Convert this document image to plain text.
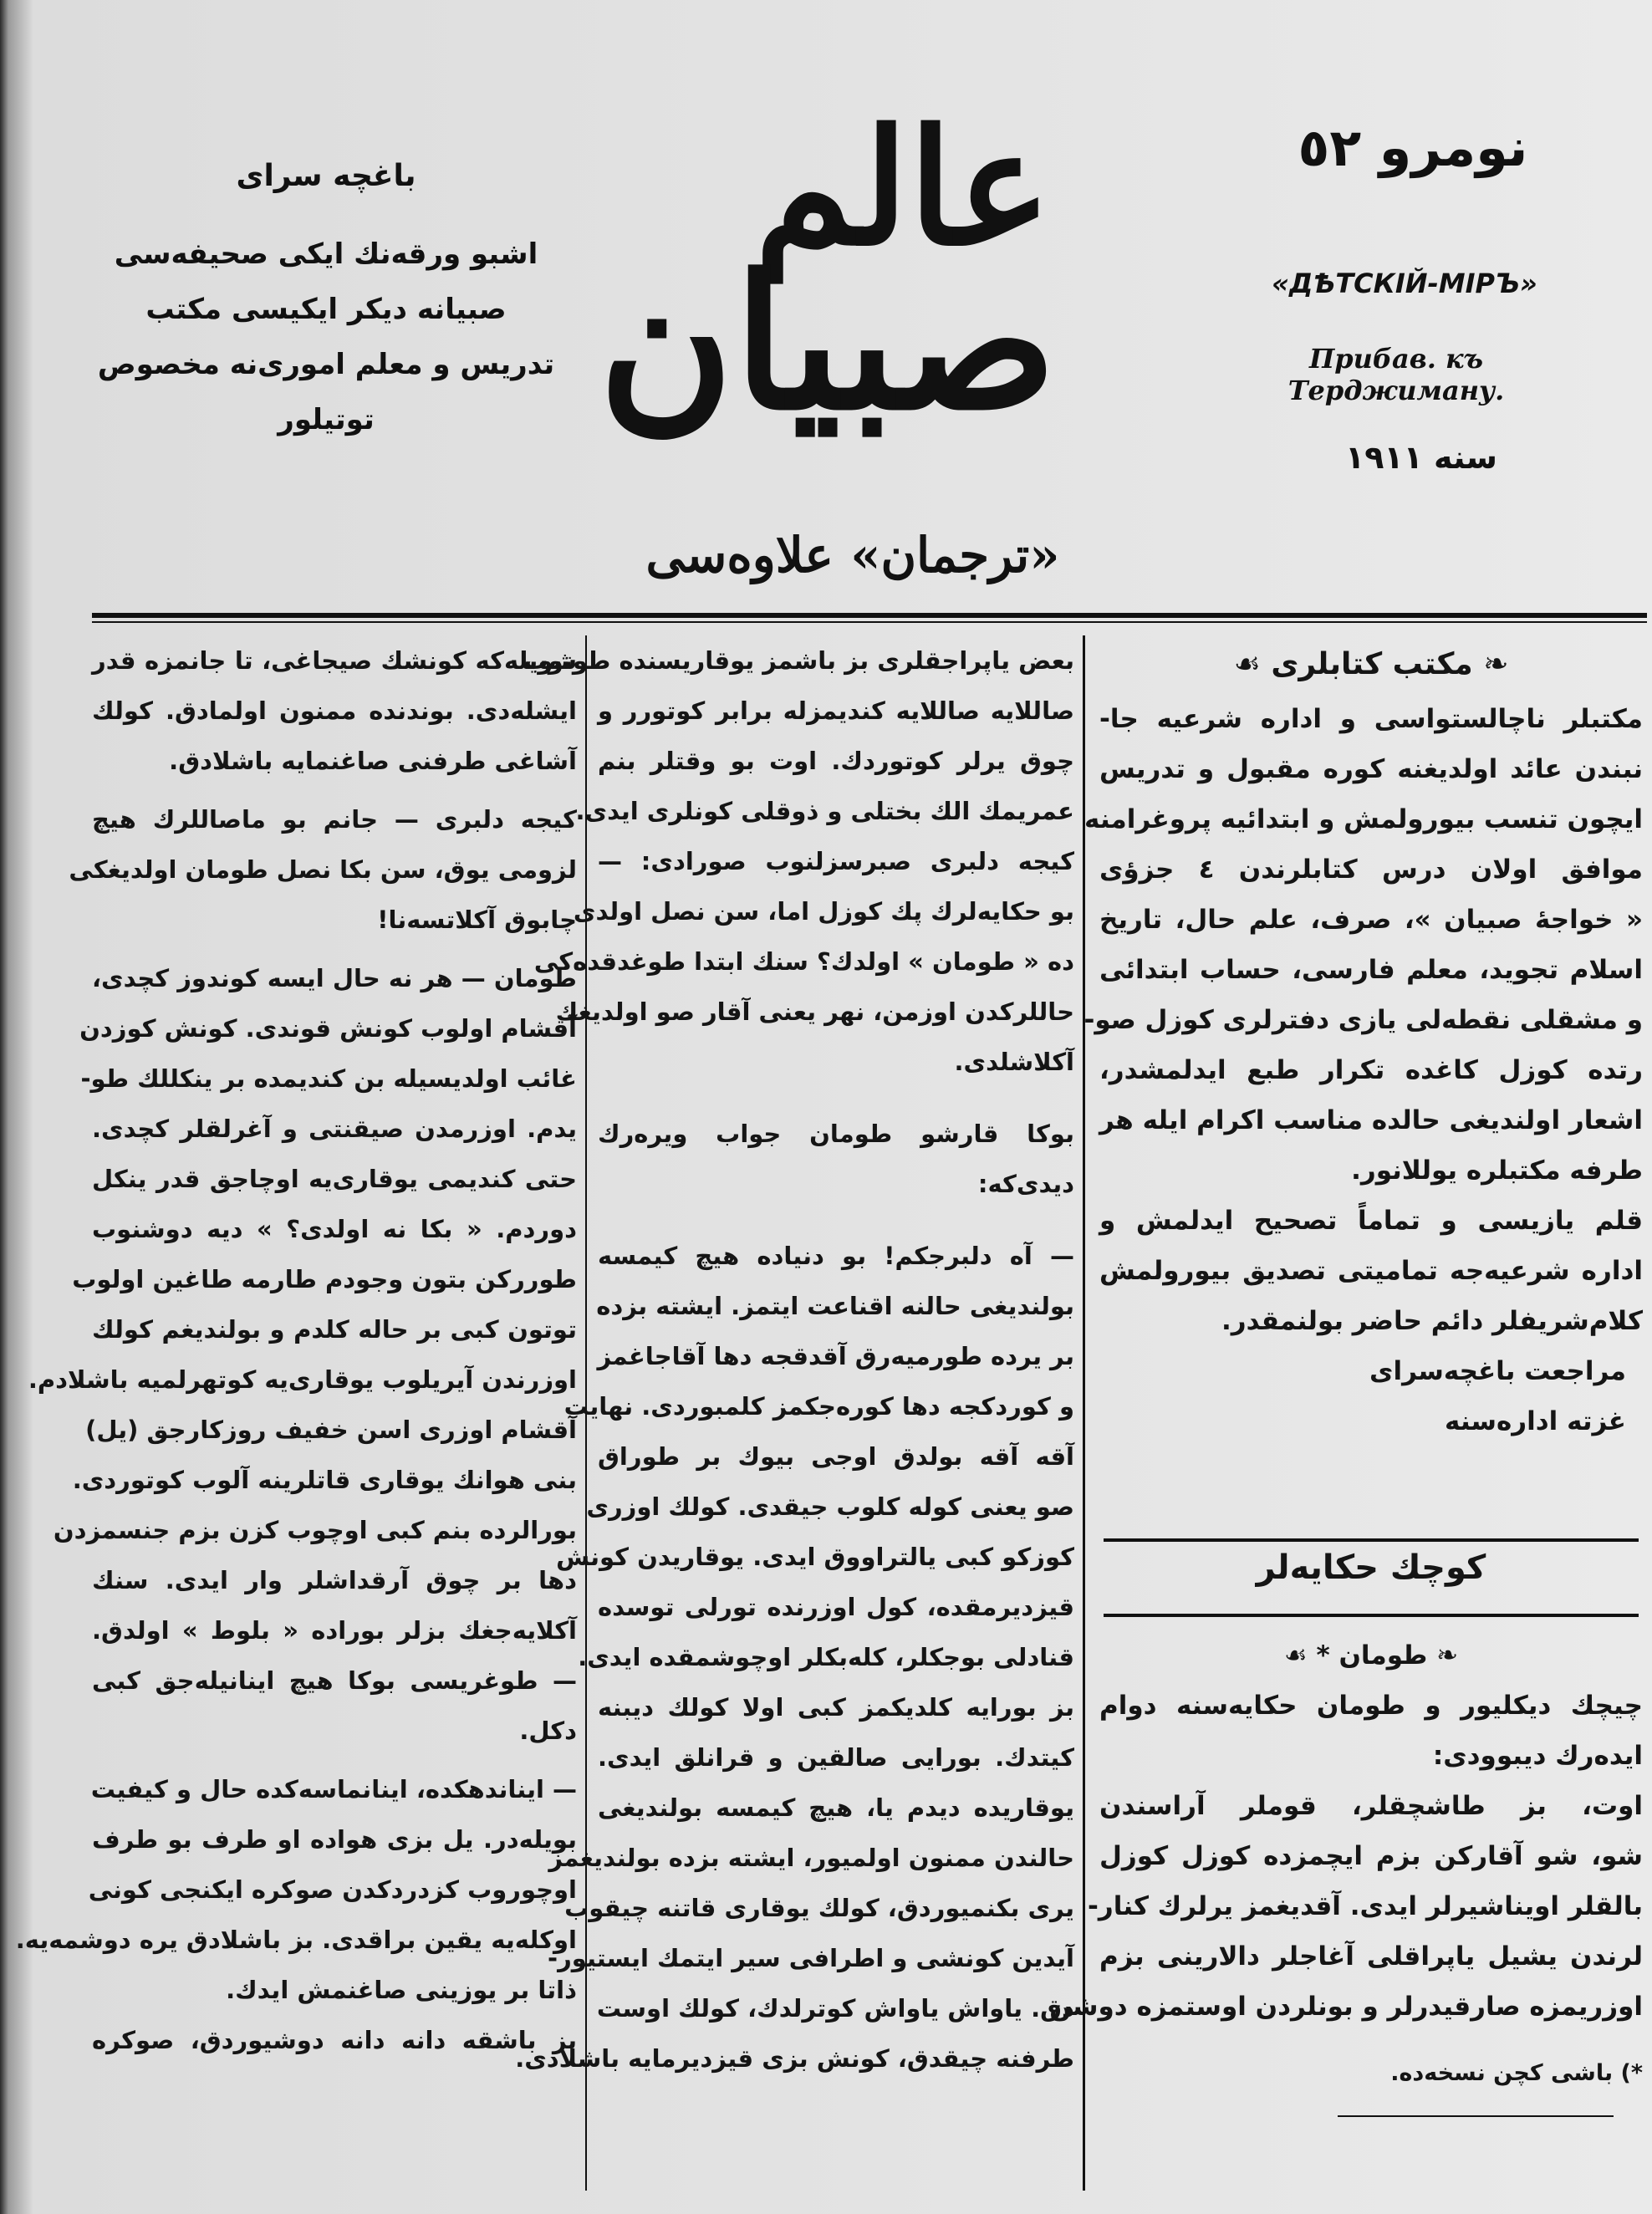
باغچه سرای
اشبو ورقه‌نك ایکی صحیفه‌سی
صبیانه دیکر ایکیسی مکتب
تدریس و معلم اموری‌نه مخصوص
توتیلور
عالم
صبیان
«ترجمان» علاوه‌سی
نومرو ٥٢
«ДѢТСКІЙ-МІРЪ»
Прибав. къ Терджиману.
سنه ١٩١١
❧ مکتب کتابلری ☙
مکتبلر ناچالستواسی و اداره شرعیه جا-
نبندن عائد اولدیغنه کوره مقبول و تدریس
ایچون تنسب بیورولمش و ابتدائیه پروغرامنه
موافق اولان درس کتابلرندن ٤ جزؤی
« خواجهٔ صبیان »، صرف، علم حال، تاریخ
اسلام تجوید، معلم فارسی، حساب ابتدائی
و مشقلی نقطه‌لی یازی دفترلری کوزل صو-
رتده کوزل کاغده تکرار طبع ایدلمشدر،
اشعار اولندیغی حالده مناسب اکرام ایله هر
طرفه مکتبلره یوللانور.
قلم یازیسی و تماماً تصحیح ایدلمش و
اداره شرعیه‌جه تمامیتی تصدیق بیورولمش
کلام‌شریفلر دائم حاضر بولنمقدر.
مراجعت باغچه‌سرای
غزته اداره‌سنه
کوچك حکایه‌لر
❧ طومان * ☙
چیچك دیکلیور و طومان حکایه‌سنه دوام
ایده‌رك دیبوودی:
اوت، بز طاشچقلر، قوملر آراسندن
شو، شو آقارکن بزم ایچمزده کوزل کوزل
بالقلر اوینا‌شیرلر ایدی. آقدیغمز یرلرك کنار-
لرندن یشیل یاپراقلی آغاجلر دالارینی بزم
اوزریمزه صارقیدرلر و بونلردن اوستمزه دوشن
*) باشی کچن نسخه‌ده.
بعض یاپراجقلری بز باشمز یوقاریسنده طوتوب
صاللایه صاللایه کندیمزله برابر کوتورر و
چوق یرلر کوتوردك. اوت بو وقتلر بنم
عمریمك الك بختلی و ذوقلی کونلری ایدی.
کیجه دلبری صبرسزلنوب صورادی: —
بو حکایه‌لرك پك کوزل اما، سن نصل اولدی
ده « طومان » اولدك؟ سنك ابتدا طوغدقده‌کی
حاللرکدن اوزمن، نهر یعنی آقار صو اولدیغك
آکلاشلدی.
بوکا قارشو طومان جواب ویره‌رك
دیدی‌که:
— آه دلبرجکم! بو دنیاده هیچ کیمسه
بولندیغی حالنه اقناعت ایتمز. ایشته بزده
بر یرده طورمیه‌رق آقدقجه دها آقاجاغمز
و کوردکجه دها کوره‌جکمز کلمبوردی. نهایت
آقه آقه بولدق اوجی بیوك بر طوراق
صو یعنی کوله کلوب جیقدی. کولك اوزری
کوزکو کبی یالتراووق ایدی. یوقاریدن کونش
قیزدیرمقده، کول اوزرنده تورلی توسده
قنادلی بوجکلر، کله‌بکلر اوچوشمقده ایدی.
بز بورایه کلدیکمز کبی اولا کولك دیبنه
کیتدك. بورایی صالقین و قرانلق ایدی.
یوقاریده دیدم یا، هیچ کیمسه بولندیغی
حالندن ممنون اولمیور، ایشته بزده بولندیغمز
یری بکنمیوردق، کولك یوقاری قاتنه چیقوب
آیدین کونشی و اطرافی سیر ایتمك ایستیور-
دق. یاواش یاواش کوترلدك، کولك اوست
طرفنه چیقدق، کونش بزی قیزدیرمایه باشلادی.
شویله‌که کونشك صیجاغی، تا جانمزه قدر
ایشله‌دی. بوندنده ممنون اولمادق. کولك
آشاغی طرفنی صاغنمایه باشلادق.
کیجه دلبری — جانم بو ماصاللرك هیچ
لزومی یوق، سن بکا نصل طومان اولدیغکی
چابوق آکلاتسه‌نا!
طومان — هر نه حال ایسه کوندوز کچدی،
آقشام اولوب کونش قوندی. کونش کوزدن
غائب اولدیسیله بن کندیمده بر ینکللك طو-
یدم. اوزرمدن صیقنتی و آغرلقلر کچدی.
حتی کندیمی یوقاری‌یه اوچاجق قدر ینکل
دوردم. « بکا نه اولدی؟ » دیه دوشنوب
طوررکن بتون وجودم طارمه طاغین اولوب
توتون کبی بر حاله کلدم و بولندیغم کولك
اوزرندن آیریلوب یوقاری‌یه کوتهرلمیه باشلادم.
آقشام اوزری اسن خفیف روزکارجق (یل)
بنی هوانك یوقاری قاتلرینه آلوب کوتوردی.
بورالرده بنم کبی اوچوب کزن بزم جنسمزدن
دها بر چوق آرقداشلر وار ایدی. سنك
آکلایه‌جغك بزلر بوراده « بلوط » اولدق.
— طوغریسی بوکا هیچ اینانیله‌جق کبی
دکل.
— ایناندهکده، اینانماسه‌کده حال و کیفیت
بویله‌در. یل بزی هواده او طرف بو طرف
اوچوروب کزدردکدن صوکره ایکنجی کونی
اوکله‌یه یقین براقدی. بز باشلادق یره دوشمه‌یه.
ذاتا بر یوزینی صاغنمش ایدك.
بز باشقه دانه دانه دوشیوردق، صوکره
